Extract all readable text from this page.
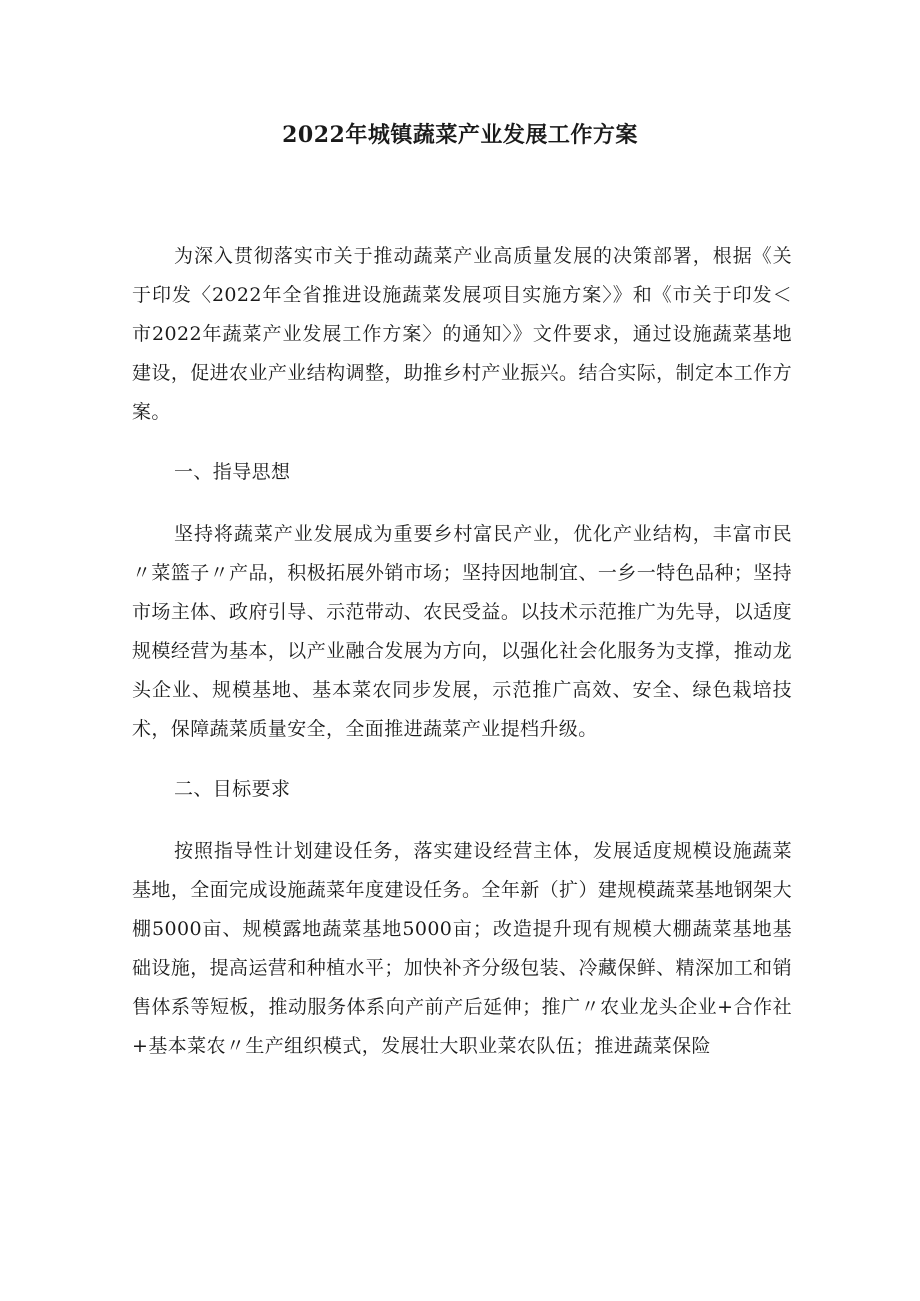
2022年城镇蔬菜产业发展工作方案

为深入贯彻落实市关于推动蔬菜产业高质量发展的决策部署，根据《关于印发〈2022年全省推进设施蔬菜发展项目实施方案〉》和《市关于印发＜市2022年蔬菜产业发展工作方案〉的通知〉》文件要求，通过设施蔬菜基地建设，促进农业产业结构调整，助推乡村产业振兴。结合实际，制定本工作方案。

一、指导思想

坚持将蔬菜产业发展成为重要乡村富民产业，优化产业结构，丰富市民〃菜篮子〃产品，积极拓展外销市场；坚持因地制宜、一乡一特色品种；坚持市场主体、政府引导、示范带动、农民受益。以技术示范推广为先导，以适度规模经营为基本，以产业融合发展为方向，以强化社会化服务为支撑，推动龙头企业、规模基地、基本菜农同步发展，示范推广高效、安全、绿色栽培技术，保障蔬菜质量安全，全面推进蔬菜产业提档升级。

二、目标要求

按照指导性计划建设任务，落实建设经营主体，发展适度规模设施蔬菜基地，全面完成设施蔬菜年度建设任务。全年新（扩）建规模蔬菜基地钢架大棚5000亩、规模露地蔬菜基地5000亩；改造提升现有规模大棚蔬菜基地基础设施，提高运营和种植水平；加快补齐分级包装、冷藏保鲜、精深加工和销售体系等短板，推动服务体系向产前产后延伸；推广〃农业龙头企业+合作社+基本菜农〃生产组织模式，发展壮大职业菜农队伍；推进蔬菜保险
